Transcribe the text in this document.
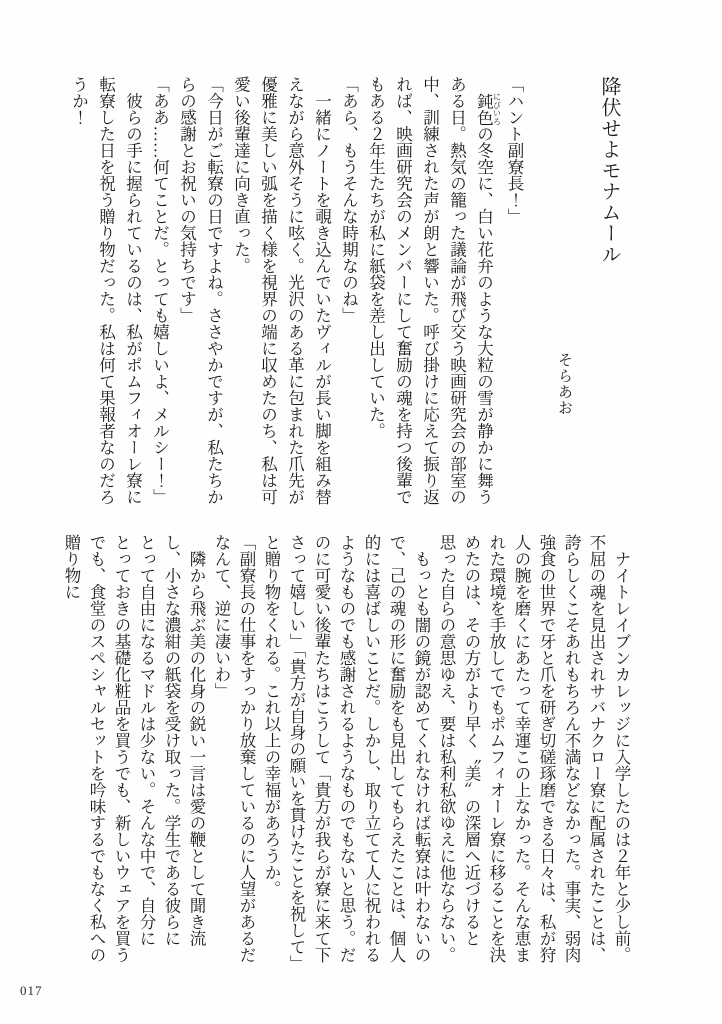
降伏せよモナムール
そらあお

「ハント副寮長！」

　鈍色 にびいろの冬空に、白い花弁のような大粒の雪が静かに舞うある日。熱気の籠った議論が飛び交う映画研究会の部室の中、訓練された声が朗と響いた。呼び掛けに応えて振り返れば、映画研究会のメンバーにして奮励の魂を持つ後輩でもある２年生たちが私に紙袋を差し出していた。

「あら、もうそんな時期なのね」

　一緒にノートを覗き込んでいたヴィルが長い脚を組み替えながら意外そうに呟く。光沢のある革に包まれた爪先が優雅に美しい弧を描く様を視界の端に収めたのち、私は可愛い後輩達に向き直った。

「今日がご転寮の日ですよね。ささやかですが、私たちからの感謝とお祝いの気持ちです」

「ああ……何てことだ。とっても嬉しいよ、メルシー！」

　彼らの手に握られているのは、私がポムフィオーレ寮に転寮した日を祝う贈り物だった。私は何て果報者なのだろうか！

　ナイトレイブンカレッジに入学したのは２年と少し前。不屈の魂を見出されサバナクロー寮に配属されたことは、誇らしくこそあれもちろん不満などなかった。事実、弱肉強食の世界で牙と爪を研ぎ切磋琢磨できる日々は、私が狩人の腕を磨くにあたって幸運この上なかった。そんな恵まれた環境を手放してでもポムフィオーレ寮に移ることを決めたのは、その方がより早く〝美〟の深層へ近づけると思った自らの意思ゆえ、要は私利私欲ゆえに他ならない。

　もっとも闇の鏡が認めてくれなければ転寮は叶わないので、己の魂の形に奮励をも見出してもらえたことは、個人的には喜ばしいことだ。しかし、取り立てて人に祝われるようなものでも感謝されるようなものでもないと思う。だのに可愛い後輩たちはこうして「貴方が我らが寮に来て下さって嬉しい」「貴方が自身の願いを貫けたことを祝して」と贈り物をくれる。これ以上の幸福があろうか。

「副寮長の仕事をすっかり放棄しているのに人望があるだなんて、逆に凄いわ」

　隣から飛ぶ美の化身の鋭い一言は愛の鞭として聞き流し、小さな濃紺の紙袋を受け取った。学生である彼らにとって自由になるマドルは少ない。そんな中で、自分にとっておきの基礎化粧品を買うでも、新しいウェアを買うでも、食堂のスペシャルセットを吟味するでもなく私への贈り物に

017
